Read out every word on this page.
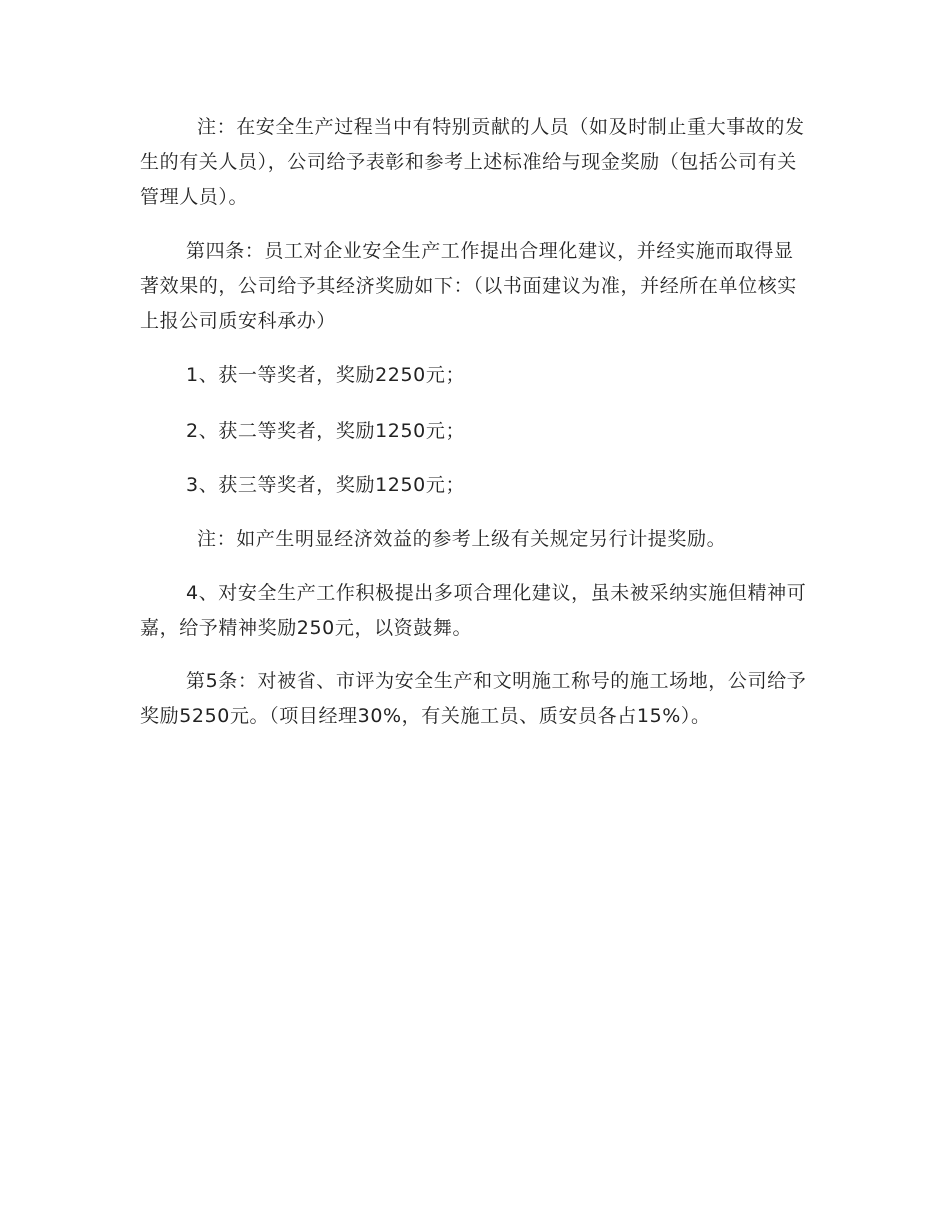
注：在安全生产过程当中有特别贡献的人员（如及时制止重大事故的发生的有关人员），公司给予表彰和参考上述标准给与现金奖励（包括公司有关管理人员）。

第四条：员工对企业安全生产工作提出合理化建议，并经实施而取得显著效果的，公司给予其经济奖励如下：（以书面建议为准，并经所在单位核实上报公司质安科承办）

1、获一等奖者，奖励2250元；

2、获二等奖者，奖励1250元；

3、获三等奖者，奖励1250元；

注：如产生明显经济效益的参考上级有关规定另行计提奖励。

4、对安全生产工作积极提出多项合理化建议，虽未被采纳实施但精神可嘉，给予精神奖励250元，以资鼓舞。

第5条：对被省、市评为安全生产和文明施工称号的施工场地，公司给予奖励5250元。（项目经理30%，有关施工员、质安员各占15%）。
